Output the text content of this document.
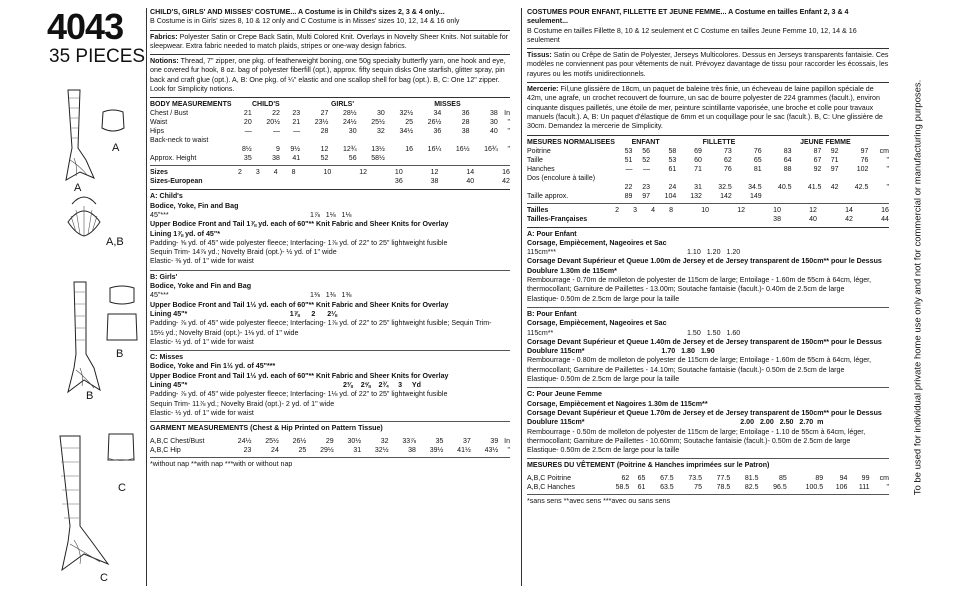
4043
35 PIECES
A
A
A,B
B
B
C
C
CHILD'S, GIRLS' AND MISSES' COSTUME... A Costume is in Child's sizes 2, 3 & 4 only...
B Costume is in Girls' sizes 8, 10 & 12 only and C Costume is in Misses' sizes 10, 12, 14 & 16 only
Fabrics: Polyester Satin or Crepe Back Satin, Multi Colored Knit. Overlays in Novelty Sheer Knits. Not suitable for sleepwear. Extra fabric needed to match plaids, stripes or one-way design fabrics.
Notions: Thread, 7" zipper, one pkg. of featherweight boning, one 50g specialty butterfly yarn, one hook and eye, one covered fur hook, 8 oz. bag of polyester fiberfill (opt.), approx. fifty sequin disks One starfish, glitter spray, pin back and craft glue (opt.). A, B: One pkg. of ¼" elastic and one scallop shell for bag (opt.). B, C: One 12" zipper. Look for Simplicity notions.
BODY MEASUREMENTS	CHILD'S			GIRLS'			MISSES				
Chest / Bust	21	22	23	27	28½	30	32½	34	36	38	In
Waist	20	20½	21	23½	24½	25½	25	26½	28	30	"
Hips	—	—	—	28	30	32	34½	36	38	40	"
Back-neck to waist											
	8½	9	9½	12	12¾	13½	16	16¼	16½	16¾	"
Approx. Height	35	38	41	52	56	58½					
Sizes	2	3	4	8	10	12	10	12	14	16	
Sizes-European							36	38	40	42	
A: Child's
Bodice, Yoke, Fin and Bag
45"***	1⅞   1⅛   1⅛
Upper Bodice Front and Tail 1⅞ yd. each of 60"** Knit Fabric and Sheer Knits for Overlay
Lining 1⅞ yd. of 45"*
Padding- ⅝ yd. of 45" wide polyester fleece; Interfacing- 1⅞ yd. of 22" to 25" lightweight fusible
Sequin Trim- 14⅞ yd.; Novelty Braid (opt.)- ½ yd. of 1" wide
Elastic- ⅜ yd. of 1" wide for waist
B: Girls'
Bodice, Yoke and Fin and Bag
45"***	1⅜   1⅜   1⅜
Upper Bodice Front and Tail 1½ yd. each of 60"** Knit Fabric and Sheer Knits for Overlay
Lining 45"*                                                    1⅞      2      2⅛
Padding- ⅞ yd. of 45" wide polyester fleece; Interfacing- 1⅞ yd. of 22" to 25" lightweight fusible; Sequin Trim-
15½ yd.; Novelty Braid (opt.)- 1⅛ yd. of 1" wide
Elastic- ½ yd. of 1" wide for waist
C: Misses
Bodice, Yoke and Fin 1½ yd. of 45"***
Upper Bodice Front and Tail 1½ yd. each of 60"** Knit Fabric and Sheer Knits for Overlay
Lining 45"*                                                                               2⅜    2⅝    2¾     3     Yd
Padding- ⅞ yd. of 45" wide polyester fleece; Interfacing- 1⅛ yd. of 22" to 25" lightweight fusible
Sequin Trim- 11⅞ yd.; Novelty Braid (opt.)- 2 yd. of 1" wide
Elastic- ½ yd. of 1" wide for waist
GARMENT MEASUREMENTS (Chest & Hip Printed on Pattern Tissue)
A,B,C Chest/Bust	24½	25½	26½	29	30½	32	33⅞	35	37	39	In
A,B,C Hip	23	24	25	29½	31	32½	38	39½	41½	43½	"
*without nap **with nap ***with or without nap
COSTUMES POUR ENFANT, FILLETTE ET JEUNE FEMME... A Costume en tailles Enfant 2, 3 & 4 seulement...
B Costume en tailles Fillette 8, 10 & 12 seulement et C Costume en tailles Jeune Femme 10, 12, 14 & 16 seulement
Tissus: Satin ou Crêpe de Satin de Polyester, Jerseys Multicolores. Dessus en Jerseys transparents fantaisie. Ces modèles ne conviennent pas pour vêtements de nuit. Prévoyez davantage de tissu pour raccorder les écossais, les rayures ou les motifs unidirectionnels.
Mercerie: Fil,une glissière de 18cm, un paquet de baleine très finie, un écheveau de laine papillon spéciale de 42m, une agrafe, un crochet recouvert de fourrure, un sac de bourre polyester de 224 grammes (facult.), environ cinquante disques pailletés, une étoile de mer, peinture scintillante vaporisée, une broche et colle pour travaux manuels (facult.). A, B: Un paquet d'élastique de 6mm et un coquillage pour le sac (facult.). B, C: Une glissière de 30cm. Demandez la mercerie de Simplicity.
MESURES NORMALISEES	ENFANT			FILLETTE			JEUNE FEMME				
Poitrine	53	56	58	69	73	76	83	87	92	97	cm
Taille	51	52	53	60	62	65	64	67	71	76	"
Hanches	—	—	61	71	76	81	88	92	97	102	"
Dos (encolure à taille)											
	22	23	24	31	32.5	34.5	40.5	41.5	42	42.5	"
Taille approx.	89	97	104	132	142	149					
Tailles	2	3	4	8	10	12	10	12	14	16	
Tailles-Françaises							38	40	42	44	
A: Pour Enfant
Corsage, Empiècement, Nageoires et Sac
115cm***	1.10   1.20   1.20
Corsage Devant Supérieur et Queue 1.00m de Jersey et de Jersey transparent de 150cm** pour le Dessus
Doublure 1.30m de 115cm*
Rembourrage - 0.70m de molleton de polyester de 115cm de large; Entoilage - 1.60m de 55cm à 64cm, léger,
thermocollant; Garniture de Paillettes - 13.00m; Soutache fantaisie (facult.)- 0.40m de 2.5cm de large
Elastique- 0.50m de 2.5cm de large pour la taille
B: Pour Enfant
Corsage, Empiècement, Nageoires et Sac
115cm**	1.50   1.50   1.60
Corsage Devant Supérieur et Queue 1.40m de Jersey et de Jersey transparent de 150cm** pour le Dessus
Doublure 115cm*                                       1.70   1.80   1.90
Rembourrage - 0.80m de molleton de polyester de 115cm de large; Entoilage - 1.60m de 55cm à 64cm, léger,
thermocollant; Garniture de Paillettes - 14.10m; Soutache fantaisie (facult.)- 0.50m de 2.5cm de large
Elastique- 0.50m de 2.5cm de large pour la taille
C: Pour Jeune Femme
Corsage, Empiècement et Nagoires 1.30m de 115cm**
Corsage Devant Supérieur et Queue 1.70m de Jersey et de Jersey transparent de 150cm** pour le Dessus
Doublure 115cm*                                                                               2.00   2.00   2.50   2.70  m
Rembourrage - 0.50m de molleton de polyester de 115cm de large; Entoilage - 1.10 de 55cm à 64cm, léger,
thermocollant; Garniture de Paillettes - 10.60mm; Soutache fantaisie (facult.)- 0.50m de 2.5cm de large
Elastique- 0.50m de 2.5cm de large pour la taille
MESURES DU VÊTEMENT (Poitrine & Hanches imprimées sur le Patron)
A,B,C Poitrine	62	65	67.5	73.5	77.5	81.5	85	89	94	99	cm
A,B,C Hanches	58.5	61	63.5	75	78.5	82.5	96.5	100.5	106	111	"
*sans sens **avec sens ***avec ou sans sens
To be used for individual private home use only and not for commercial or manufacturing purposes.
